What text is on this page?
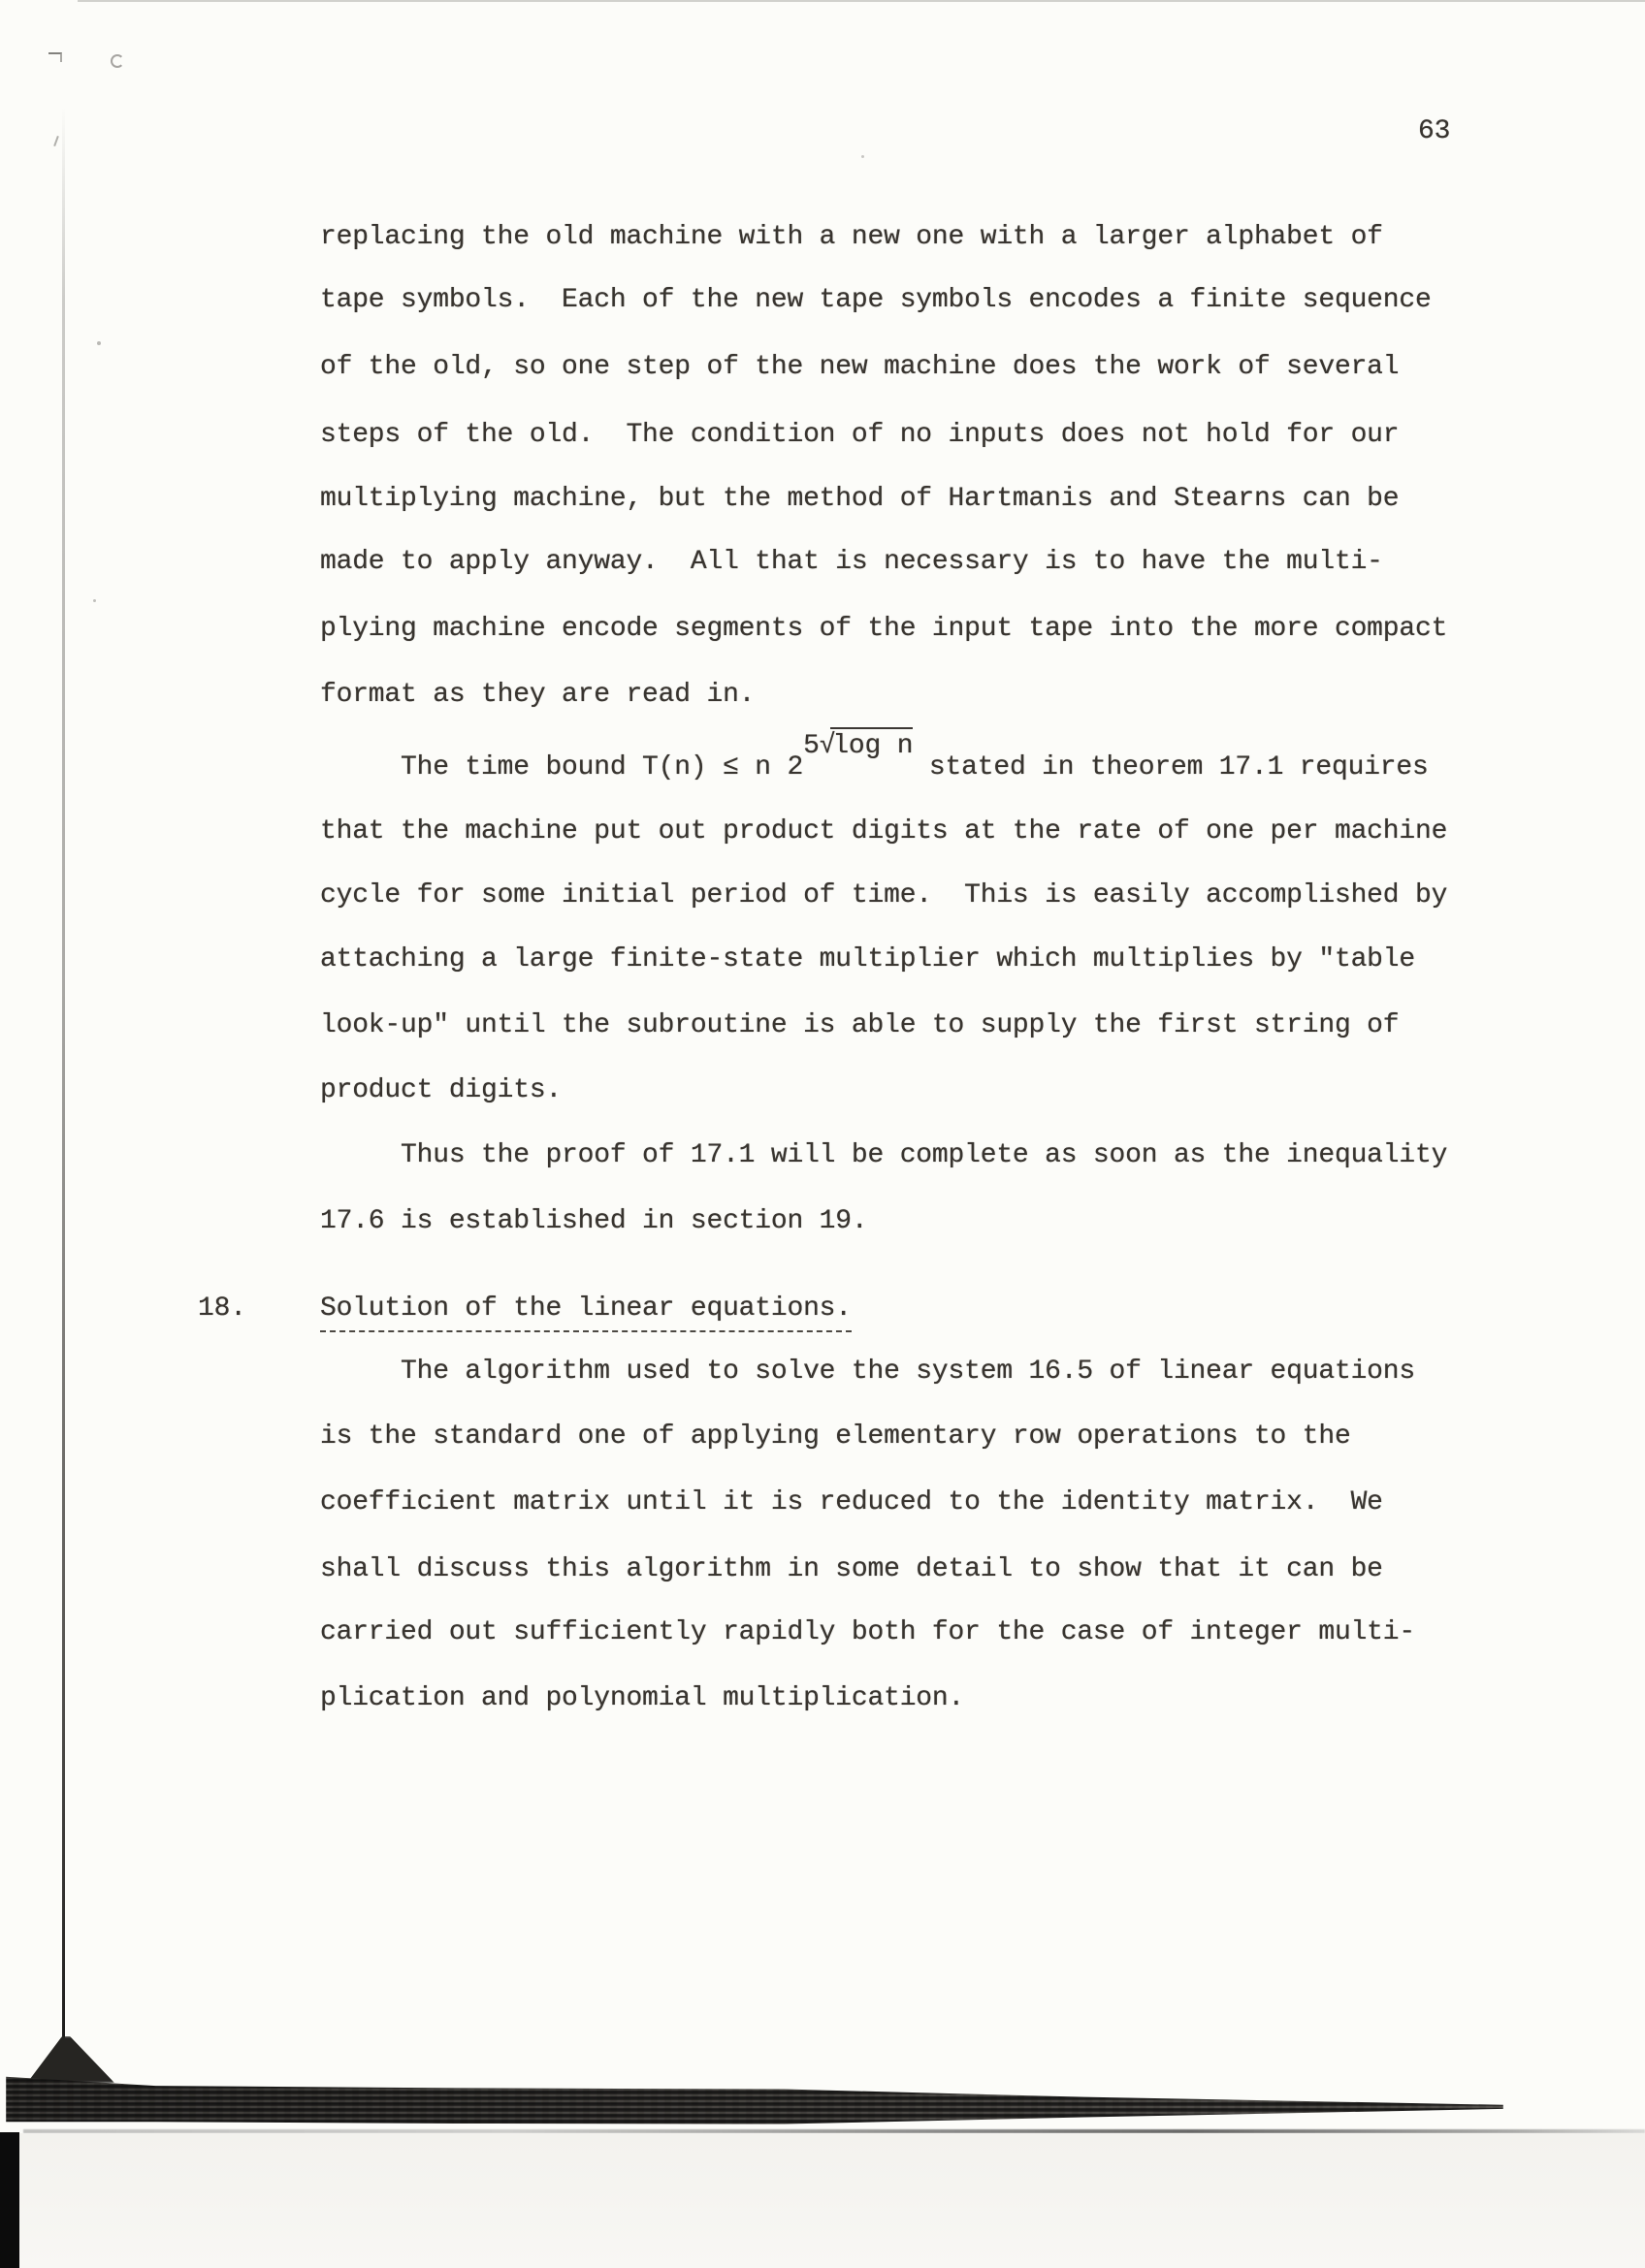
63
replacing the old machine with a new one with a larger alphabet of
tape symbols.  Each of the new tape symbols encodes a finite sequence
of the old, so one step of the new machine does the work of several
steps of the old.  The condition of no inputs does not hold for our
multiplying machine, but the method of Hartmanis and Stearns can be
made to apply anyway.  All that is necessary is to have the multi-
plying machine encode segments of the input tape into the more compact
format as they are read in.
The time bound T(n) ≤ n 25√log n stated in theorem 17.1 requires
that the machine put out product digits at the rate of one per machine
cycle for some initial period of time.  This is easily accomplished by
attaching a large finite-state multiplier which multiplies by "table
look-up" until the subroutine is able to supply the first string of
product digits.
Thus the proof of 17.1 will be complete as soon as the inequality
17.6 is established in section 19.
18.	Solution of the linear equations.
The algorithm used to solve the system 16.5 of linear equations
is the standard one of applying elementary row operations to the
coefficient matrix until it is reduced to the identity matrix.  We
shall discuss this algorithm in some detail to show that it can be
carried out sufficiently rapidly both for the case of integer multi-
plication and polynomial multiplication.
